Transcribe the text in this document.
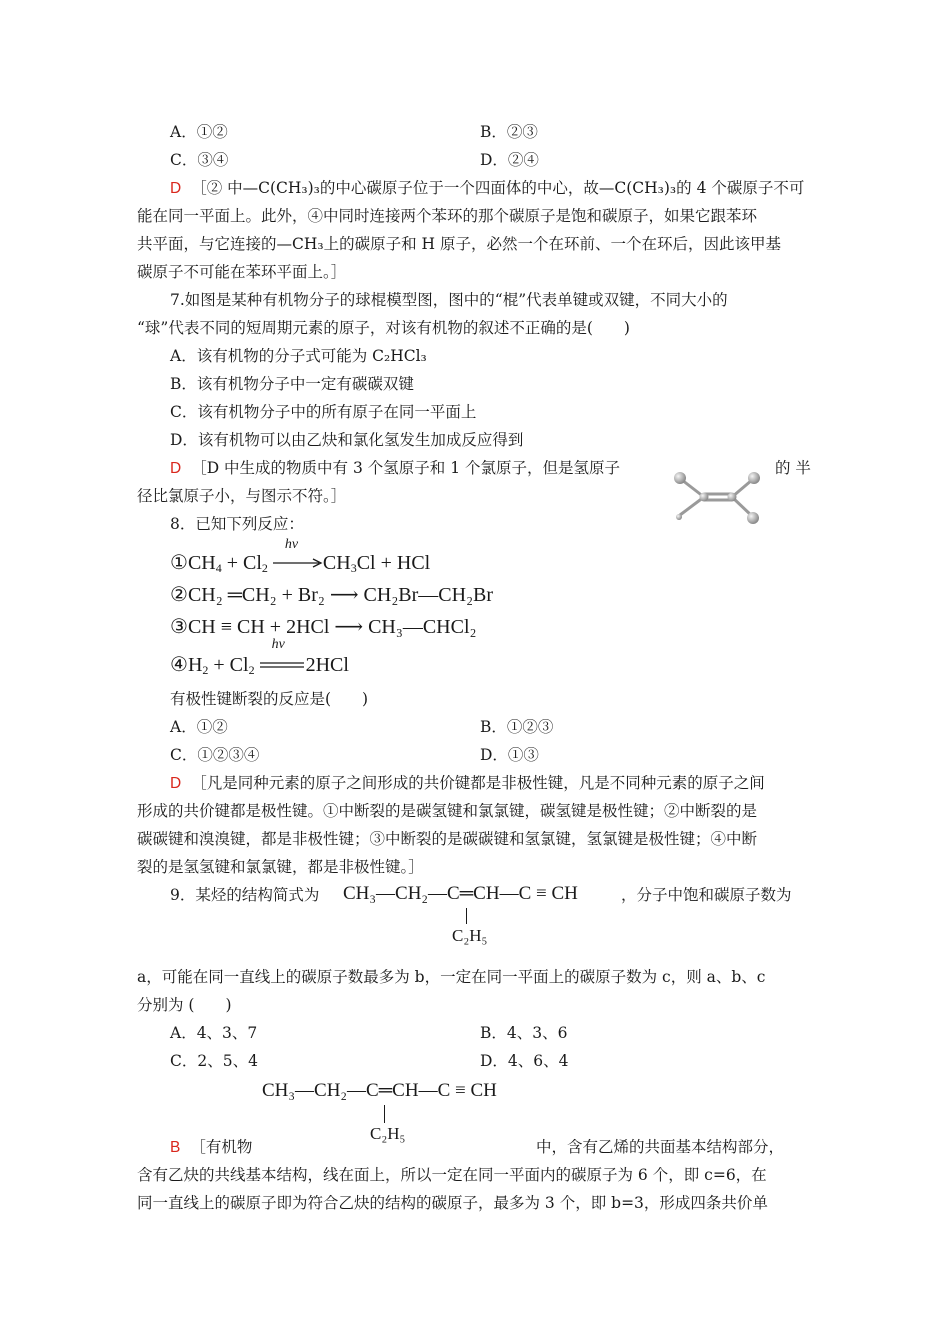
A．①②	B．②③
C．③④	D．②④
D ［② 中—C(CH₃)₃的中心碳原子位于一个四面体的中心，故—C(CH₃)₃的 4 个碳原子不可
能在同一平面上。此外，④中同时连接两个苯环的那个碳原子是饱和碳原子，如果它跟苯环
共平面，与它连接的—CH₃上的碳原子和 H 原子，必然一个在环前、一个在环后，因此该甲基
碳原子不可能在苯环平面上。］
7.如图是某种有机物分子的球棍模型图，图中的“棍”代表单键或双键，不同大小的
“球”代表不同的短周期元素的原子，对该有机物的叙述不正确的是(　　)
A．该有机物的分子式可能为 C₂HCl₃
B．该有机物分子中一定有碳碳双键
C．该有机物分子中的所有原子在同一平面上
D．该有机物可以由乙炔和氯化氢发生加成反应得到
D ［D 中生成的物质中有 3 个氢原子和 1 个氯原子，但是氢原子	的 半
径比氯原子小，与图示不符。］
8．已知下列反应：
$①CH_4 + Cl_2$
hν
$CH_3Cl$ + HCl
②CH₂ ═CH₂ + Br₂ ⟶ CH₂Br—CH₂Br
③CH ≡ CH + 2HCl ⟶ CH₃—CHCl₂
$④H_2 + Cl_2$
hν
2HCl
有极性键断裂的反应是(　　)
A．①②	B．①②③
C．①②③④	D．①③
D ［凡是同种元素的原子之间形成的共价键都是非极性键，凡是不同种元素的原子之间
形成的共价键都是极性键。①中断裂的是碳氢键和氯氯键，碳氢键是极性键；②中断裂的是
碳碳键和溴溴键，都是非极性键；③中断裂的是碳碳键和氢氯键，氢氯键是极性键；④中断
裂的是氢氢键和氯氯键，都是非极性键。］
9．某烃的结构简式为	CH₃—CH₂—C═CH—C ≡ CH
C₂H₅
，分子中饱和碳原子数为
a，可能在同一直线上的碳原子数最多为 b，一定在同一平面上的碳原子数为 c，则 a、b、c
分别为 (　　)
A．4、3、7	B．4、3、6
C．2、5、4	D．4、6、4
CH₃—CH₂—C═CH—C ≡ CH
B ［有机物
C₂H₅
中，含有乙烯的共面基本结构部分，
含有乙炔的共线基本结构，线在面上，所以一定在同一平面内的碳原子为 6 个，即 c=6，在
同一直线上的碳原子即为符合乙炔的结构的碳原子，最多为 3 个，即 b=3，形成四条共价单
